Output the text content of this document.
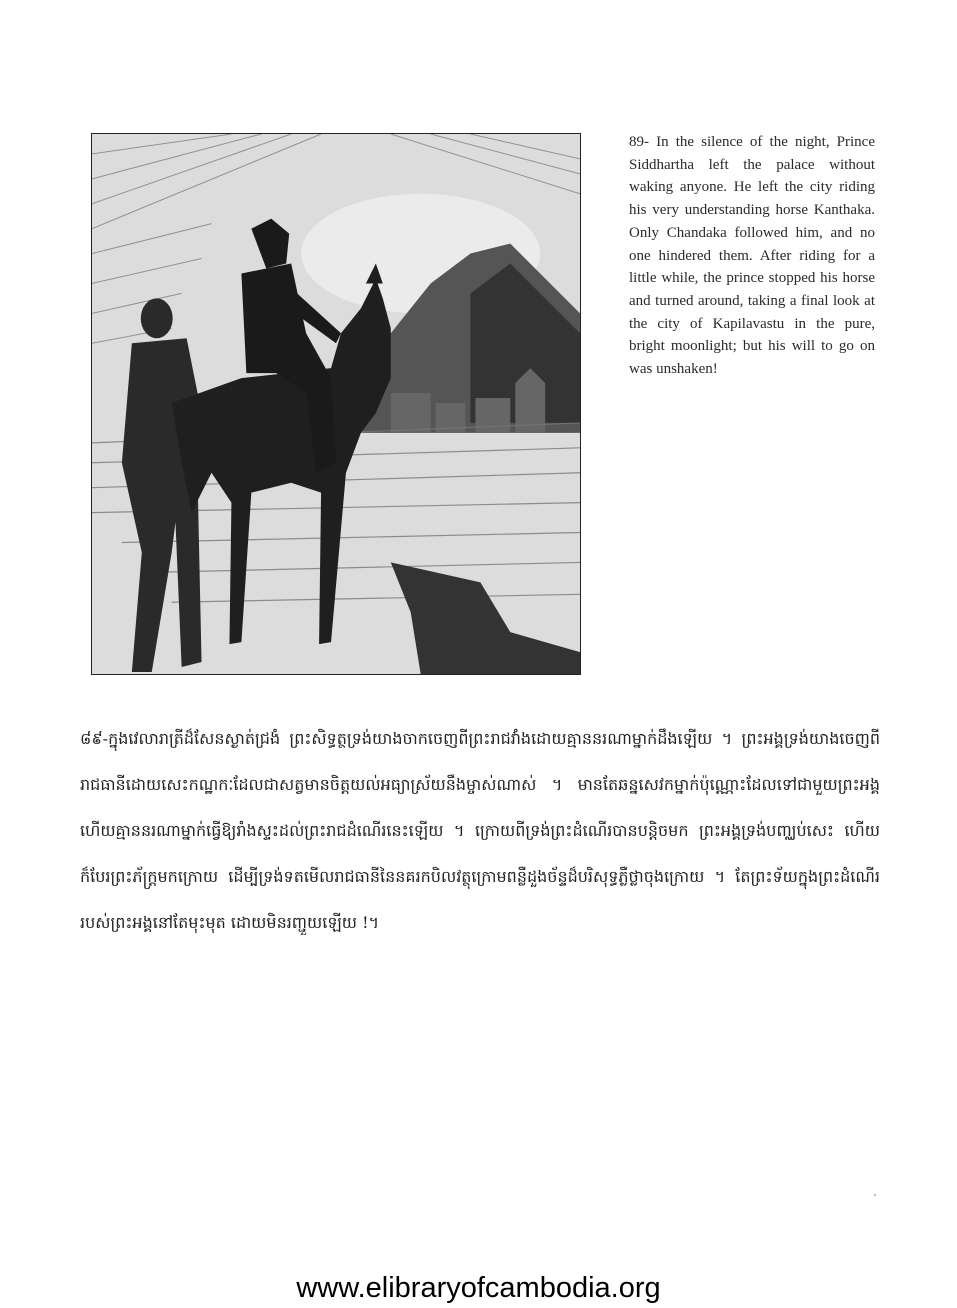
89- In the silence of the night, Prince Siddhartha left the palace without waking anyone. He left the city riding his very understanding horse Kanthaka. Only Chandaka followed him, and no one hindered them. After riding for a little while, the prince stopped his horse and turned around, taking a final look at the city of Kapilavastu in the pure, bright moonlight; but his will to go on was unshaken!

៨៩-ក្នុងវេលារាត្រីដ៏សែនស្ងាត់ជ្រងំ ព្រះសិទ្ធត្ថទ្រង់យាងចាកចេញពីព្រះរាជវាំងដោយគ្មាននរណាម្នាក់ដឹងឡើយ ។ ព្រះអង្គទ្រង់យាងចេញពីរាជធានីដោយសេះកណ្ឋកៈដែលជាសត្វមានចិត្តយល់អធ្យាស្រ័យនឹងម្ចាស់ណាស់ ។ មានតែឆន្នសេវកម្នាក់ប៉ុណ្ណោះដែលទៅជាមួយព្រះអង្គ ហើយគ្មាននរណាម្នាក់ធ្វើឱ្យរាំងស្ទះដល់ព្រះរាជដំណើរនេះឡើយ ។ ក្រោយពីទ្រង់ព្រះដំណើរបានបន្តិចមក ព្រះអង្គទ្រង់បញ្ឈប់សេះ ហើយក៏បែរព្រះភ័ក្ត្រមកក្រោយ ដើម្បីទ្រង់ទតមើលរាជធានីនៃនគរកបិលវត្ថុក្រោមពន្លឺដួងច័ន្ទដ៏បរិសុទ្ធភ្លឺថ្លាចុងក្រោយ ។ តែព្រះទ័យក្នុងព្រះដំណើររបស់ព្រះអង្គនៅតែមុះមុត ដោយមិនរញ្ជួយឡើយ !។

www.elibraryofcambodia.org
